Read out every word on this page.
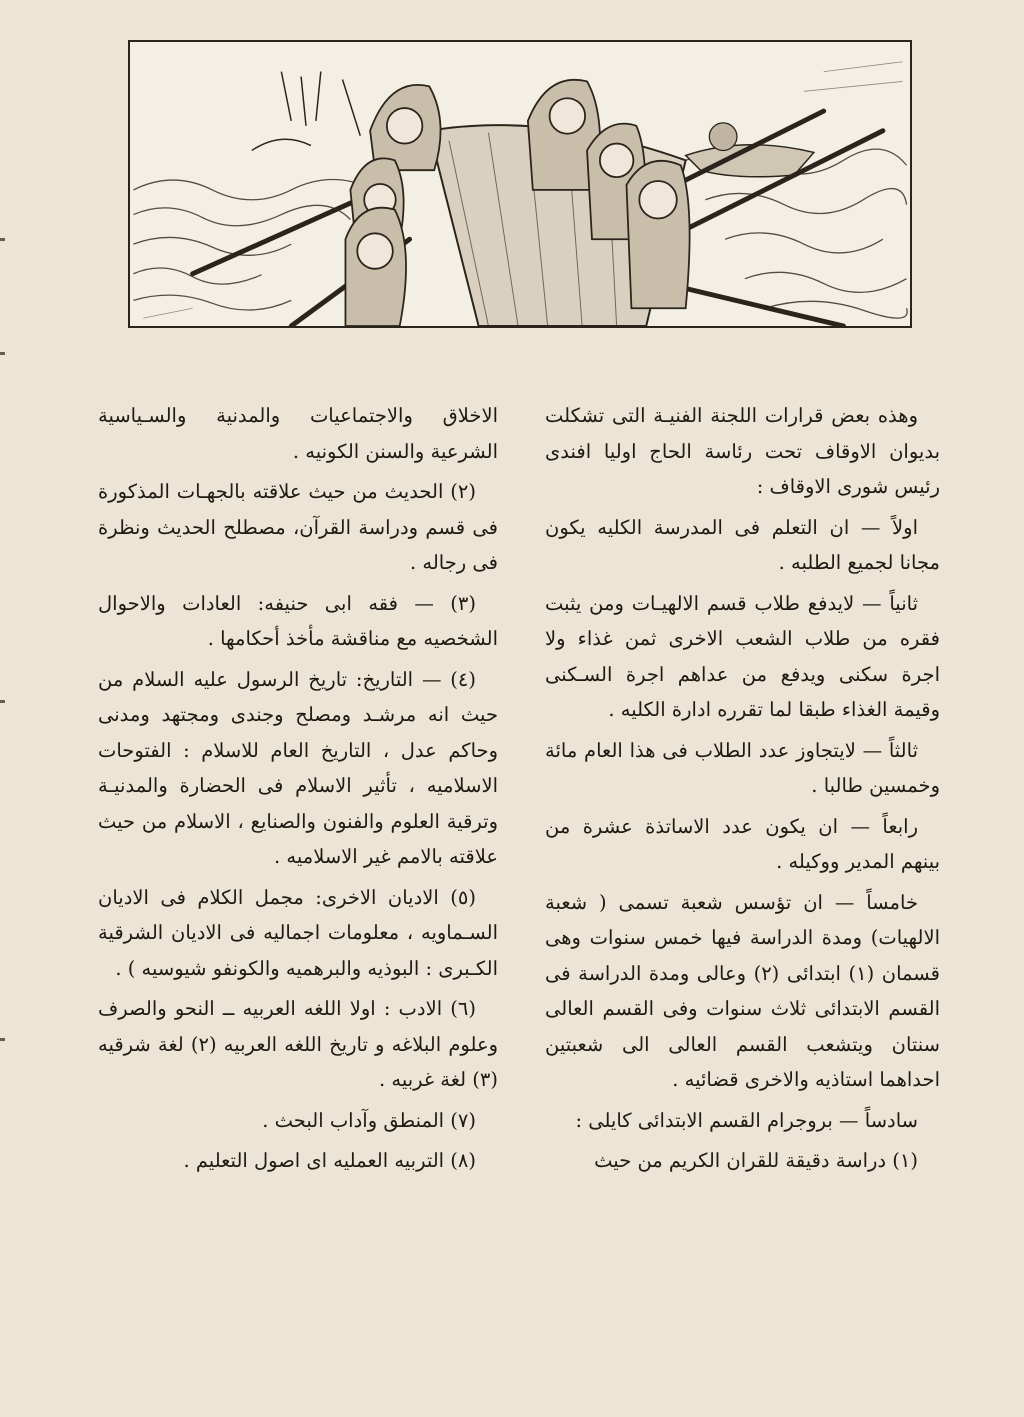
وهذه بعض قرارات اللجنة الفنيـة التى تشكلت بديوان الاوقاف تحت رئاسة الحاج اوليا افندى رئيس شورى الاوقاف :

اولاً — ان التعلم فى المدرسة الكليه يكون مجانا لجميع الطلبه .

ثانياً — لايدفع طلاب قسم الالهيـات ومن يثبت فقره من طلاب الشعب الاخرى ثمن غذاء ولا اجرة سكنى ويدفع من عداهم اجرة السـكنى وقيمة الغذاء طبقا لما تقرره ادارة الكليه .

ثالثاً — لايتجاوز عدد الطلاب فى هذا العام مائة وخمسين طالبا .

رابعاً — ان يكون عدد الاساتذة عشرة من بينهم المدير ووكيله .

خامساً — ان تؤسس شعبة تسمى ( شعبة الالهيات) ومدة الدراسة فيها خمس سنوات وهى قسمان (١) ابتدائى (٢) وعالى ومدة الدراسة فى القسم الابتدائى ثلاث سنوات وفى القسم العالى سنتان ويتشعب القسم العالى الى شعبتين احداهما استاذيه والاخرى قضائيه .

سادساً — بروجرام القسم الابتدائى كايلى :

(١) دراسة دقيقة للقران الكريم من حيث

الاخلاق والاجتماعيات والمدنية والسـياسية الشرعية والسنن الكونيه .

(٢) الحديث من حيث علاقته بالجهـات المذكورة فى قسم ودراسة القرآن، مصطلح الحديث ونظرة فى رجاله .

(٣) — فقه ابى حنيفه: العادات والاحوال الشخصيه مع مناقشة مأخذ أحكامها .

(٤) — التاريخ: تاريخ الرسول عليه السلام من حيث انه مرشـد ومصلح وجندى ومجتهد ومدنى وحاكم عدل ، التاريخ العام للاسلام : الفتوحات الاسلاميه ، تأثير الاسلام فى الحضارة والمدنيـة وترقية العلوم والفنون والصنايع ، الاسلام من حيث علاقته بالامم غير الاسلاميه .

(٥) الاديان الاخرى: مجمل الكلام فى الاديان السـماويه ، معلومات اجماليه فى الاديان الشرقية الكـبرى : البوذيه والبرهميه والكونفو شيوسيه ) .

(٦) الادب : اولا اللغه العربيه ــ النحو والصرف وعلوم البلاغه و تاريخ اللغه العربيه (٢) لغة شرقيه (٣) لغة غربيه .

(٧) المنطق وآداب البحث .

(٨) التربيه العمليه اى اصول التعليم .
